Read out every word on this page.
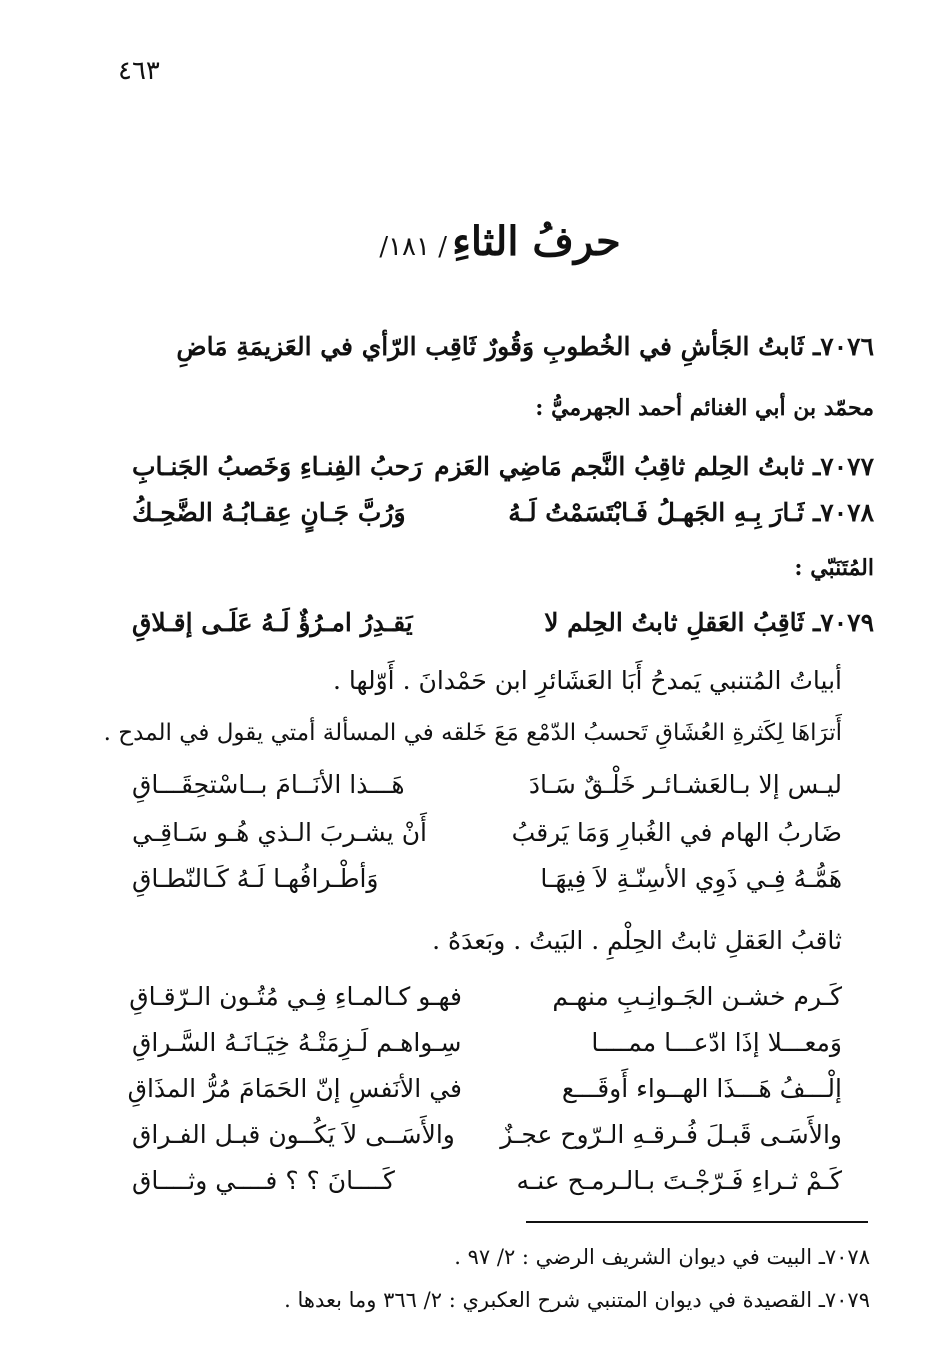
٤٦٣
حرفُ الثاءِ / ١٨١/
٧٠٧٦ـ ثَابتُ الجَأشِ في الخُطوبِ وَقُورٌ ثَاقِب الرّأي في العَزيمَةِ مَاضِ
محمّد بن أبي الغنائم أحمد الجهرميُّ :
٧٠٧٧ـ ثابتُ الحِلم ثاقِبُ النَّجم مَاضِي العَزم
رَحبُ الفِنـاءِ وَخَصبُ الجَنـابِ
٧٠٧٨ـ ثَـارَ بِـهِ الجَهـلُ فَـابْتَسَمْتُ لَـهُ
وَرُبَّ جَـانٍ عِقـابُـهُ الضَّحِـكُ
المُتَنَبّي :
٧٠٧٩ـ ثَاقِبُ العَقلِ ثابتُ الحِلم لا
يَقـدِرُ امـرُؤٌ لَـهُ عَلَـى إقـلاقِ
أبياتُ المُتنبي يَمدحُ أَبَا العَشَائرِ ابن حَمْدانَ . أَوّلها .
أَترَاهَا لِكَثرةِ العُشَاقِ تَحسبُ الدّمْع مَعَ خَلقه في المسألة أمتي يقول في المدح .
ليـس إلا بـالعَشـائـر خَلْـقٌ سَـادَ
هَـــذا الأنَــامَ بــاسْتحِقَـــاقِ
ضَاربُ الهام في الغُبارِ وَمَا يَرقبُ
أَنْ يشـربَ الـذي هُـو سَـاقِـي
هَمُّـهُ فِـي ذَوِي الأسِنّـةِ لاَ فِيهَـا
وَأطْـرافُهـا لَـهُ كَـالنّطـاقِ
ثاقبُ العَقلِ ثابتُ الحِلْمِ . البَيتُ . وبَعدَهُ .
كَـرم خشـن الجَـوانِـبِ منهـم
فهـو كـالمـاءِ فِـي مُتُـون الـرّقـاقِ
وَمعـــلا إذَا ادّعـــا ممــــا
سِـواهـم لَـزِمَتْـهُ خِيَـانَـهُ السَّـراقِ
إلْـــفُ هَـــذَا الهــواء أَوقَـــع
في الأنَفسِ إنّ الحَمَامَ مُرُّ المذَاقِ
والأَسَـى قَبـلَ فُـرقـهِ الـرّوح عجـزٌ
والأَسَــى لاَ يَكُــون قبـل الفـراق
كَـمْ ثـراءِ فَـرّجْـتَ بـالـرمـح عنـه
كَــــانَ ؟ ؟ فــــي وثــــاق
٧٠٧٨ـ البيت في ديوان الشريف الرضي : ٢/ ٩٧ .
٧٠٧٩ـ القصيدة في ديوان المتنبي شرح العكبري : ٢/ ٣٦٦ وما بعدها .
